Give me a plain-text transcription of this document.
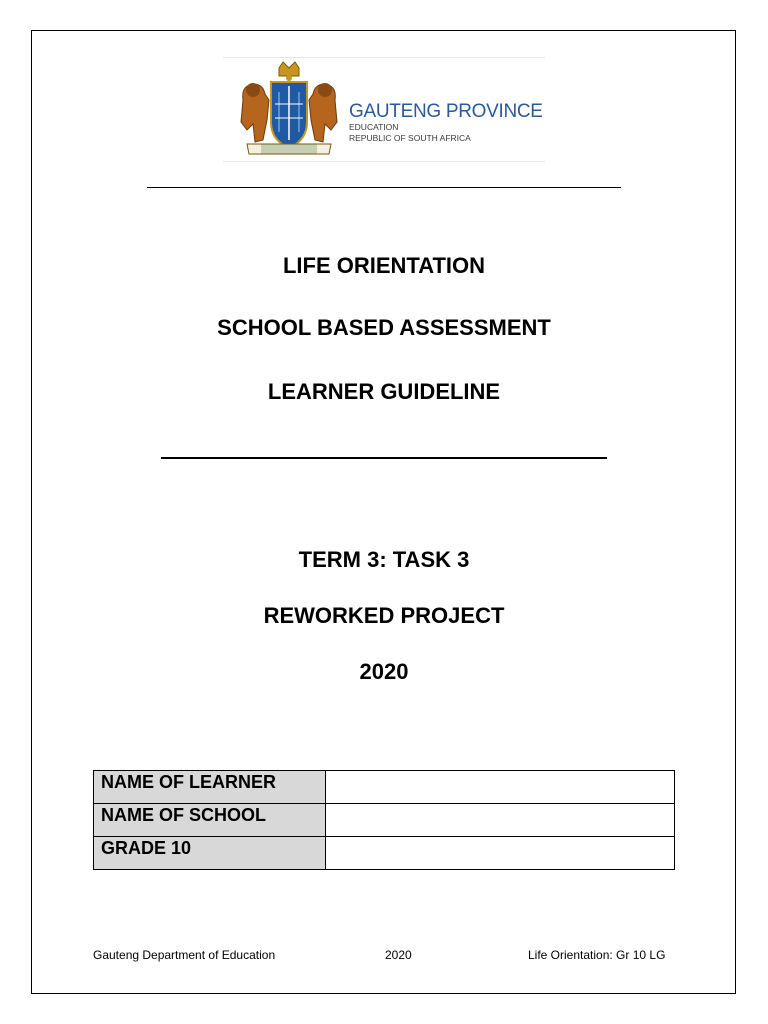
GAUTENG PROVINCE
EDUCATION
REPUBLIC OF SOUTH AFRICA
LIFE ORIENTATION
SCHOOL BASED ASSESSMENT
LEARNER GUIDELINE
TERM 3: TASK 3
REWORKED PROJECT
2020
NAME OF LEARNER	
NAME OF SCHOOL	
GRADE 10	
Gauteng Department of Education	2020	Life Orientation: Gr 10 LG
